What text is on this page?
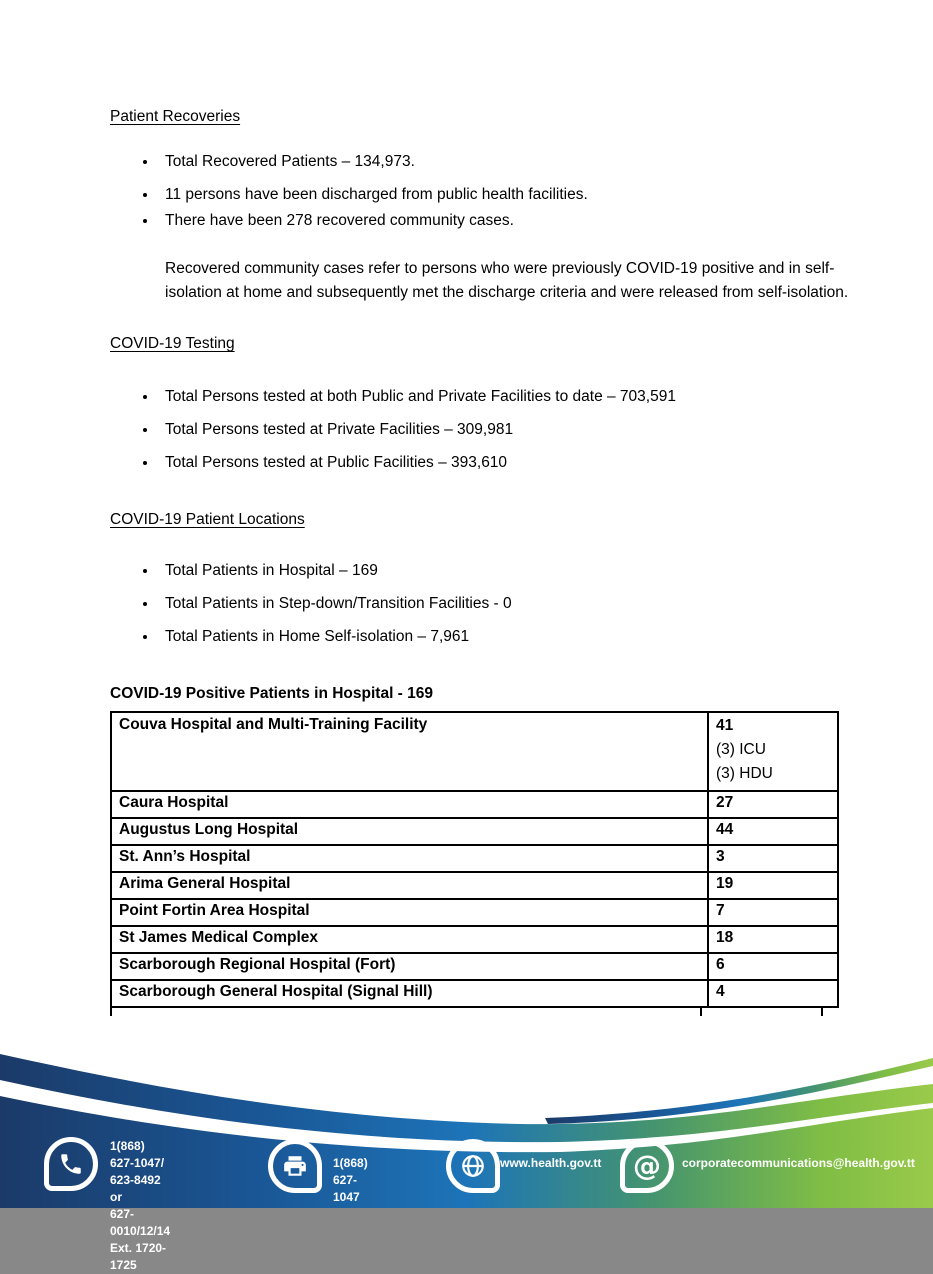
Patient Recoveries
• Total Recovered Patients – 134,973.
• 11 persons have been discharged from public health facilities.
• There have been 278 recovered community cases.

Recovered community cases refer to persons who were previously COVID-19 positive and in self-isolation at home and subsequently met the discharge criteria and were released from self-isolation.

COVID-19 Testing
• Total Persons tested at both Public and Private Facilities to date – 703,591
• Total Persons tested at Private Facilities – 309,981
• Total Persons tested at Public Facilities – 393,610
COVID-19 Patient Locations
• Total Patients in Hospital – 169
• Total Patients in Step-down/Transition Facilities - 0
• Total Patients in Home Self-isolation – 7,961
COVID-19 Positive Patients in Hospital - 169
Couva Hospital and Multi-Training Facility	41
(3) ICU
(3) HDU

Caura Hospital	27
Augustus Long Hospital	44
St. Ann’s Hospital	3
Arima General Hospital	19
Point Fortin Area Hospital	7
St James Medical Complex	18
Scarborough Regional Hospital (Fort)	6
Scarborough General Hospital (Signal Hill)	4
1(868) 627-1047/ 623-8492 or
627-0010/12/14
Ext. 1720-1725
1(868) 627-1047
www.health.gov.tt @ corporatecommunications@health.gov.tt
